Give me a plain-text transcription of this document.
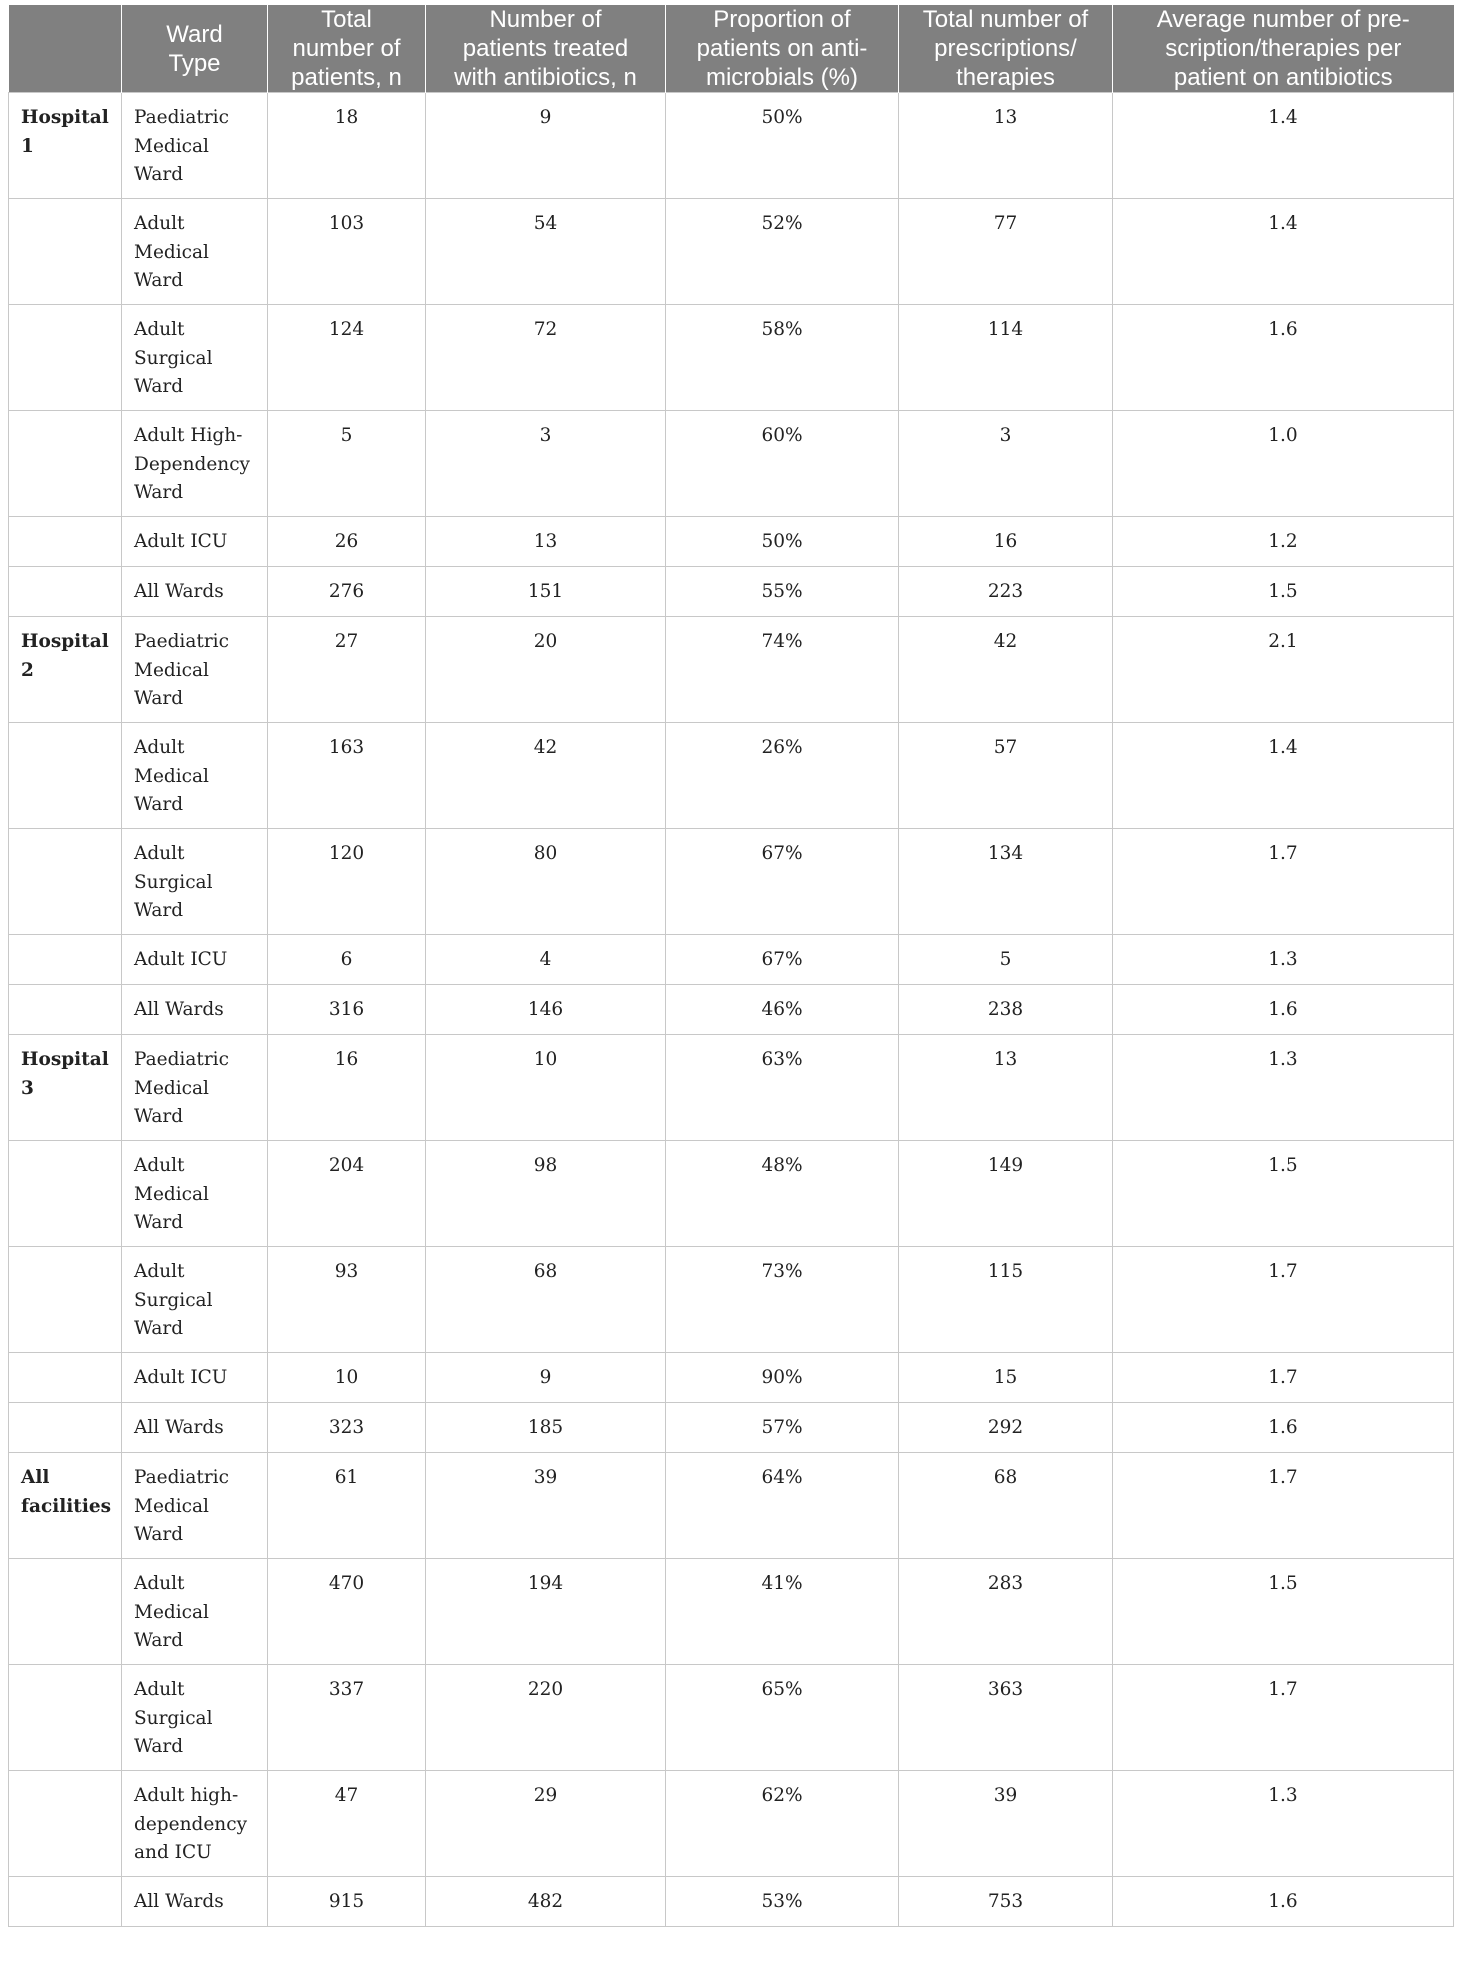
	Ward
Type	Total
number of
patients, n	Number of
patients treated
with antibiotics, n	Proportion of
patients on anti-
microbials (%)	Total number of
prescriptions/
therapies	Average number of pre-
scription/therapies per
patient on antibiotics
Hospital
1	Paediatric
Medical
Ward	18	9	50%	13	1.4
	Adult
Medical
Ward	103	54	52%	77	1.4
	Adult
Surgical
Ward	124	72	58%	114	1.6
	Adult High-
Dependency
Ward	5	3	60%	3	1.0
	Adult ICU	26	13	50%	16	1.2
	All Wards	276	151	55%	223	1.5
Hospital
2	Paediatric
Medical
Ward	27	20	74%	42	2.1
	Adult
Medical
Ward	163	42	26%	57	1.4
	Adult
Surgical
Ward	120	80	67%	134	1.7
	Adult ICU	6	4	67%	5	1.3
	All Wards	316	146	46%	238	1.6
Hospital
3	Paediatric
Medical
Ward	16	10	63%	13	1.3
	Adult
Medical
Ward	204	98	48%	149	1.5
	Adult
Surgical
Ward	93	68	73%	115	1.7
	Adult ICU	10	9	90%	15	1.7
	All Wards	323	185	57%	292	1.6
All
facilities	Paediatric
Medical
Ward	61	39	64%	68	1.7
	Adult
Medical
Ward	470	194	41%	283	1.5
	Adult
Surgical
Ward	337	220	65%	363	1.7
	Adult high-
dependency
and ICU	47	29	62%	39	1.3
	All Wards	915	482	53%	753	1.6
